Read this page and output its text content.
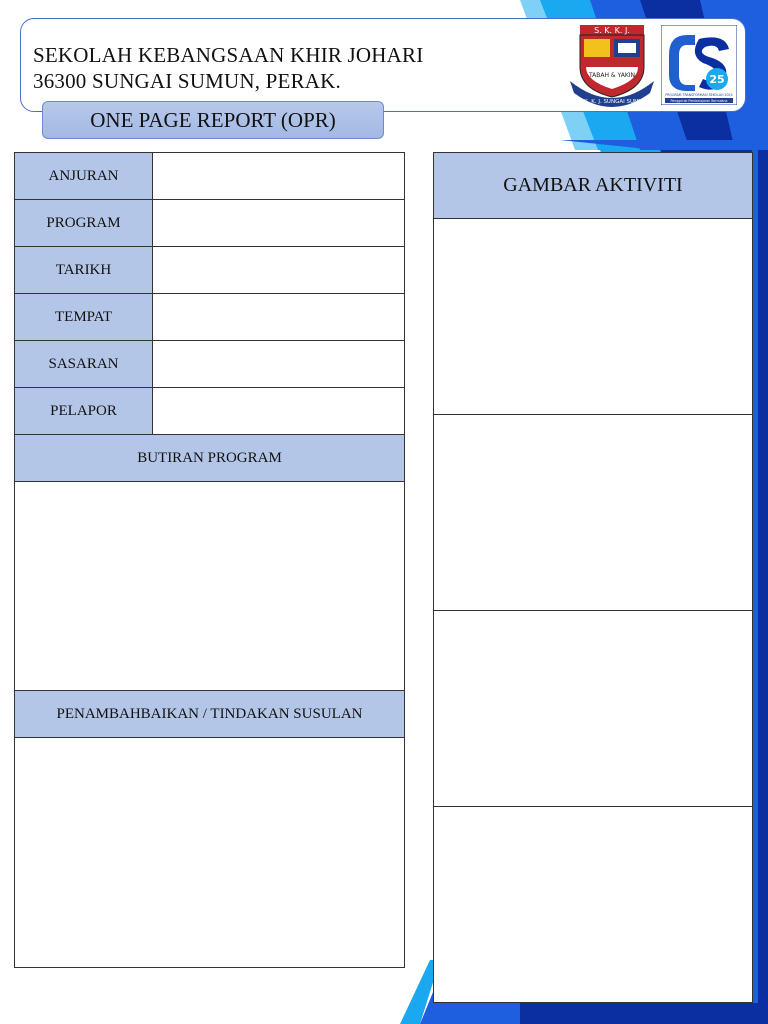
SEKOLAH KEBANGSAAN KHIR JOHARI
36300 SUNGAI SUMUN, PERAK.
S. K. K. J.
TABAH & YAKIN
S. K. K. J. SUNGAI SUMUN
25
PROGRAM TRANSFORMASI SEKOLAH 2025
Penggerak Pembelajaran Bermakna
ONE PAGE REPORT (OPR)
ANJURAN
PROGRAM
TARIKH
TEMPAT
SASARAN
PELAPOR
BUTIRAN PROGRAM
PENAMBAHBAIKAN / TINDAKAN SUSULAN
GAMBAR AKTIVITI
